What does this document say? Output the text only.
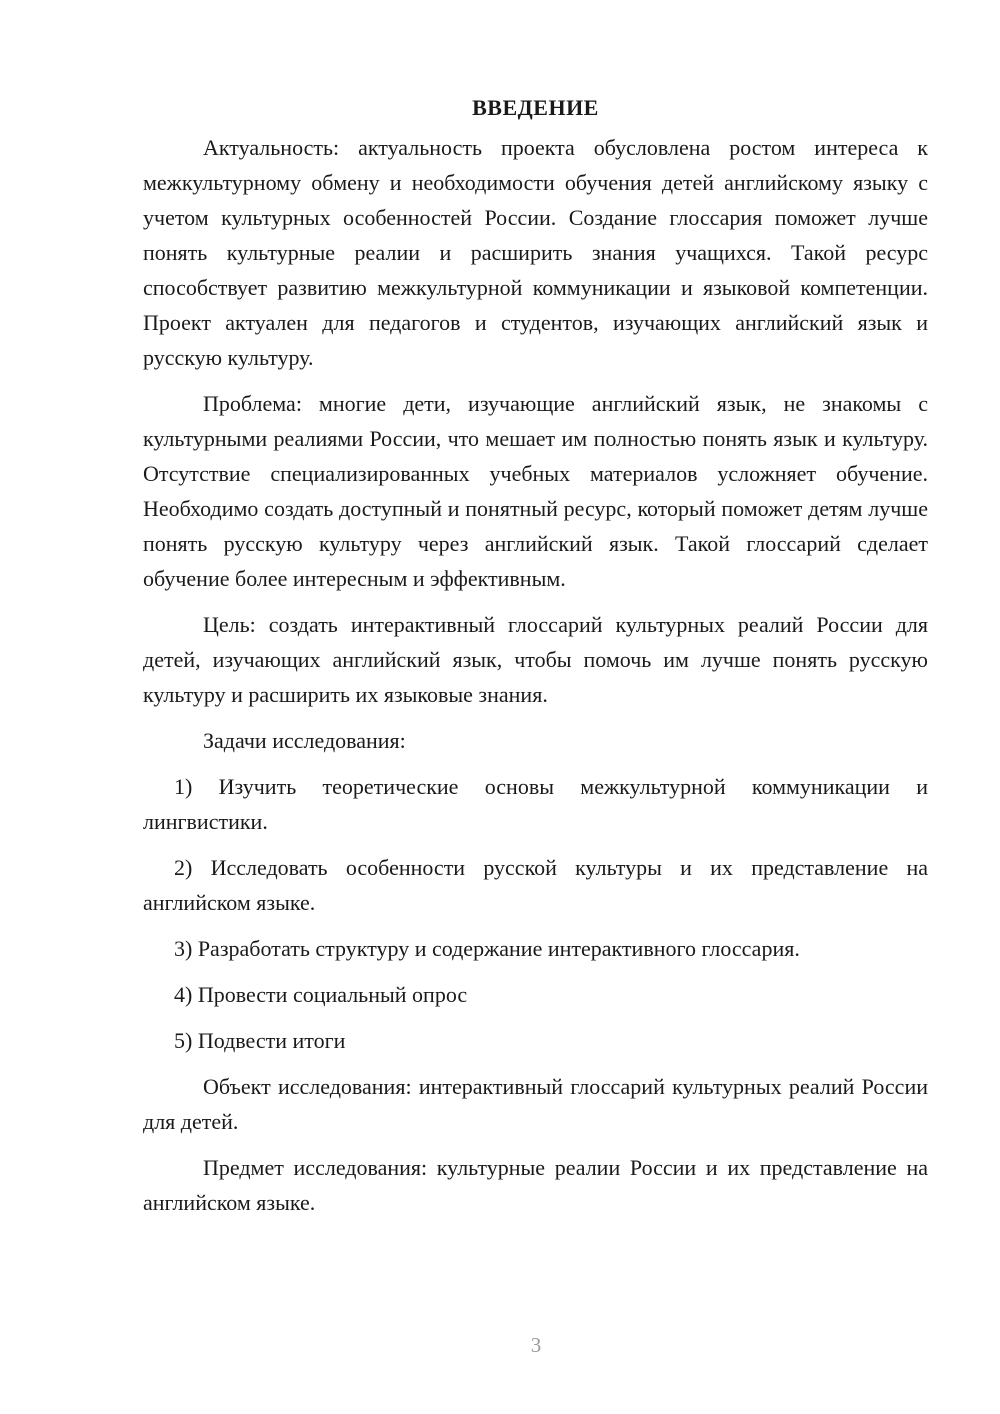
ВВЕДЕНИЕ

Актуальность: актуальность проекта обусловлена ростом интереса к межкультурному обмену и необходимости обучения детей английскому языку с учетом культурных особенностей России. Создание глоссария поможет лучше понять культурные реалии и расширить знания учащихся. Такой ресурс способствует развитию межкультурной коммуникации и языковой компетенции. Проект актуален для педагогов и студентов, изучающих английский язык и русскую культуру.

Проблема: многие дети, изучающие английский язык, не знакомы с культурными реалиями России, что мешает им полностью понять язык и культуру. Отсутствие специализированных учебных материалов усложняет обучение. Необходимо создать доступный и понятный ресурс, который поможет детям лучше понять русскую культуру через английский язык. Такой глоссарий сделает обучение более интересным и эффективным.

Цель: создать интерактивный глоссарий культурных реалий России для детей, изучающих английский язык, чтобы помочь им лучше понять русскую культуру и расширить их языковые знания.

Задачи исследования:

1) Изучить теоретические основы межкультурной коммуникации и лингвистики.

2) Исследовать особенности русской культуры и их представление на английском языке.

3) Разработать структуру и содержание интерактивного глоссария.

4) Провести социальный опрос

5) Подвести итоги

Объект исследования: интерактивный глоссарий культурных реалий России для детей.

Предмет исследования: культурные реалии России и их представление на английском языке.

3
